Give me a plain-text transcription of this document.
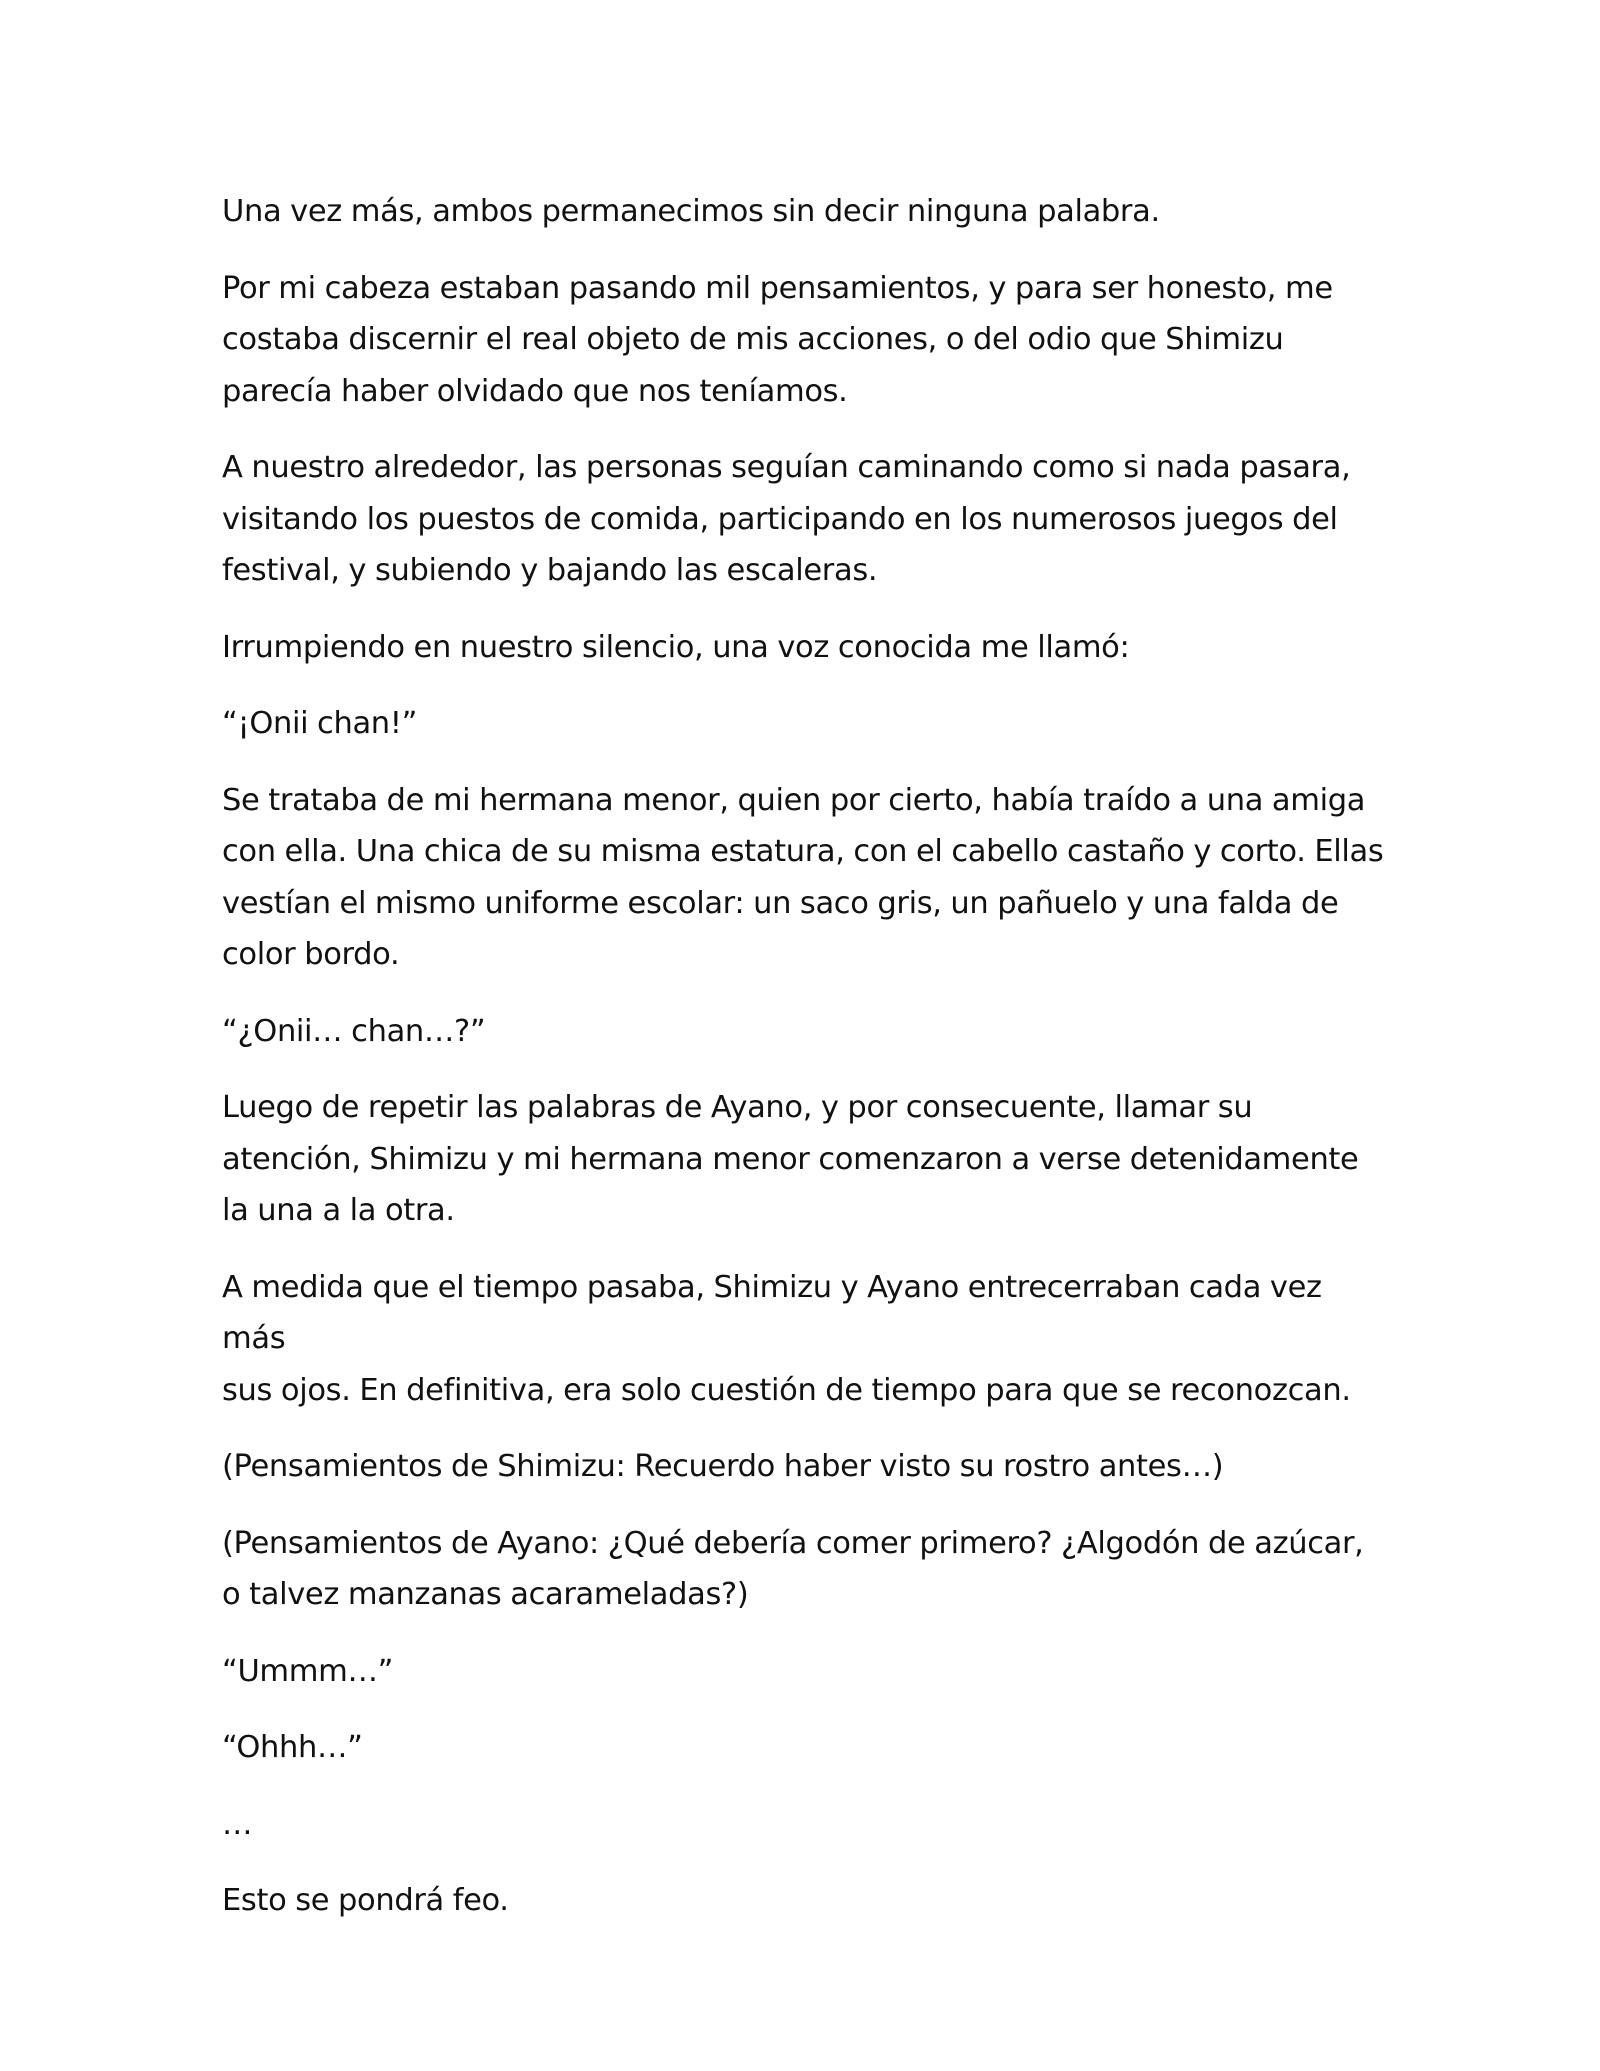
Una vez más, ambos permanecimos sin decir ninguna palabra.

Por mi cabeza estaban pasando mil pensamientos, y para ser honesto, me
costaba discernir el real objeto de mis acciones, o del odio que Shimizu
parecía haber olvidado que nos teníamos.

A nuestro alrededor, las personas seguían caminando como si nada pasara,
visitando los puestos de comida, participando en los numerosos juegos del
festival, y subiendo y bajando las escaleras.

Irrumpiendo en nuestro silencio, una voz conocida me llamó:

“¡Onii chan!”

Se trataba de mi hermana menor, quien por cierto, había traído a una amiga
con ella. Una chica de su misma estatura, con el cabello castaño y corto. Ellas
vestían el mismo uniforme escolar: un saco gris, un pañuelo y una falda de
color bordo.

“¿Onii… chan…?”

Luego de repetir las palabras de Ayano, y por consecuente, llamar su
atención, Shimizu y mi hermana menor comenzaron a verse detenidamente
la una a la otra.

A medida que el tiempo pasaba, Shimizu y Ayano entrecerraban cada vez más
sus ojos. En definitiva, era solo cuestión de tiempo para que se reconozcan.

(Pensamientos de Shimizu: Recuerdo haber visto su rostro antes…)

(Pensamientos de Ayano: ¿Qué debería comer primero? ¿Algodón de azúcar,
o talvez manzanas acarameladas?)

“Ummm…”

“Ohhh…”

…

Esto se pondrá feo.
